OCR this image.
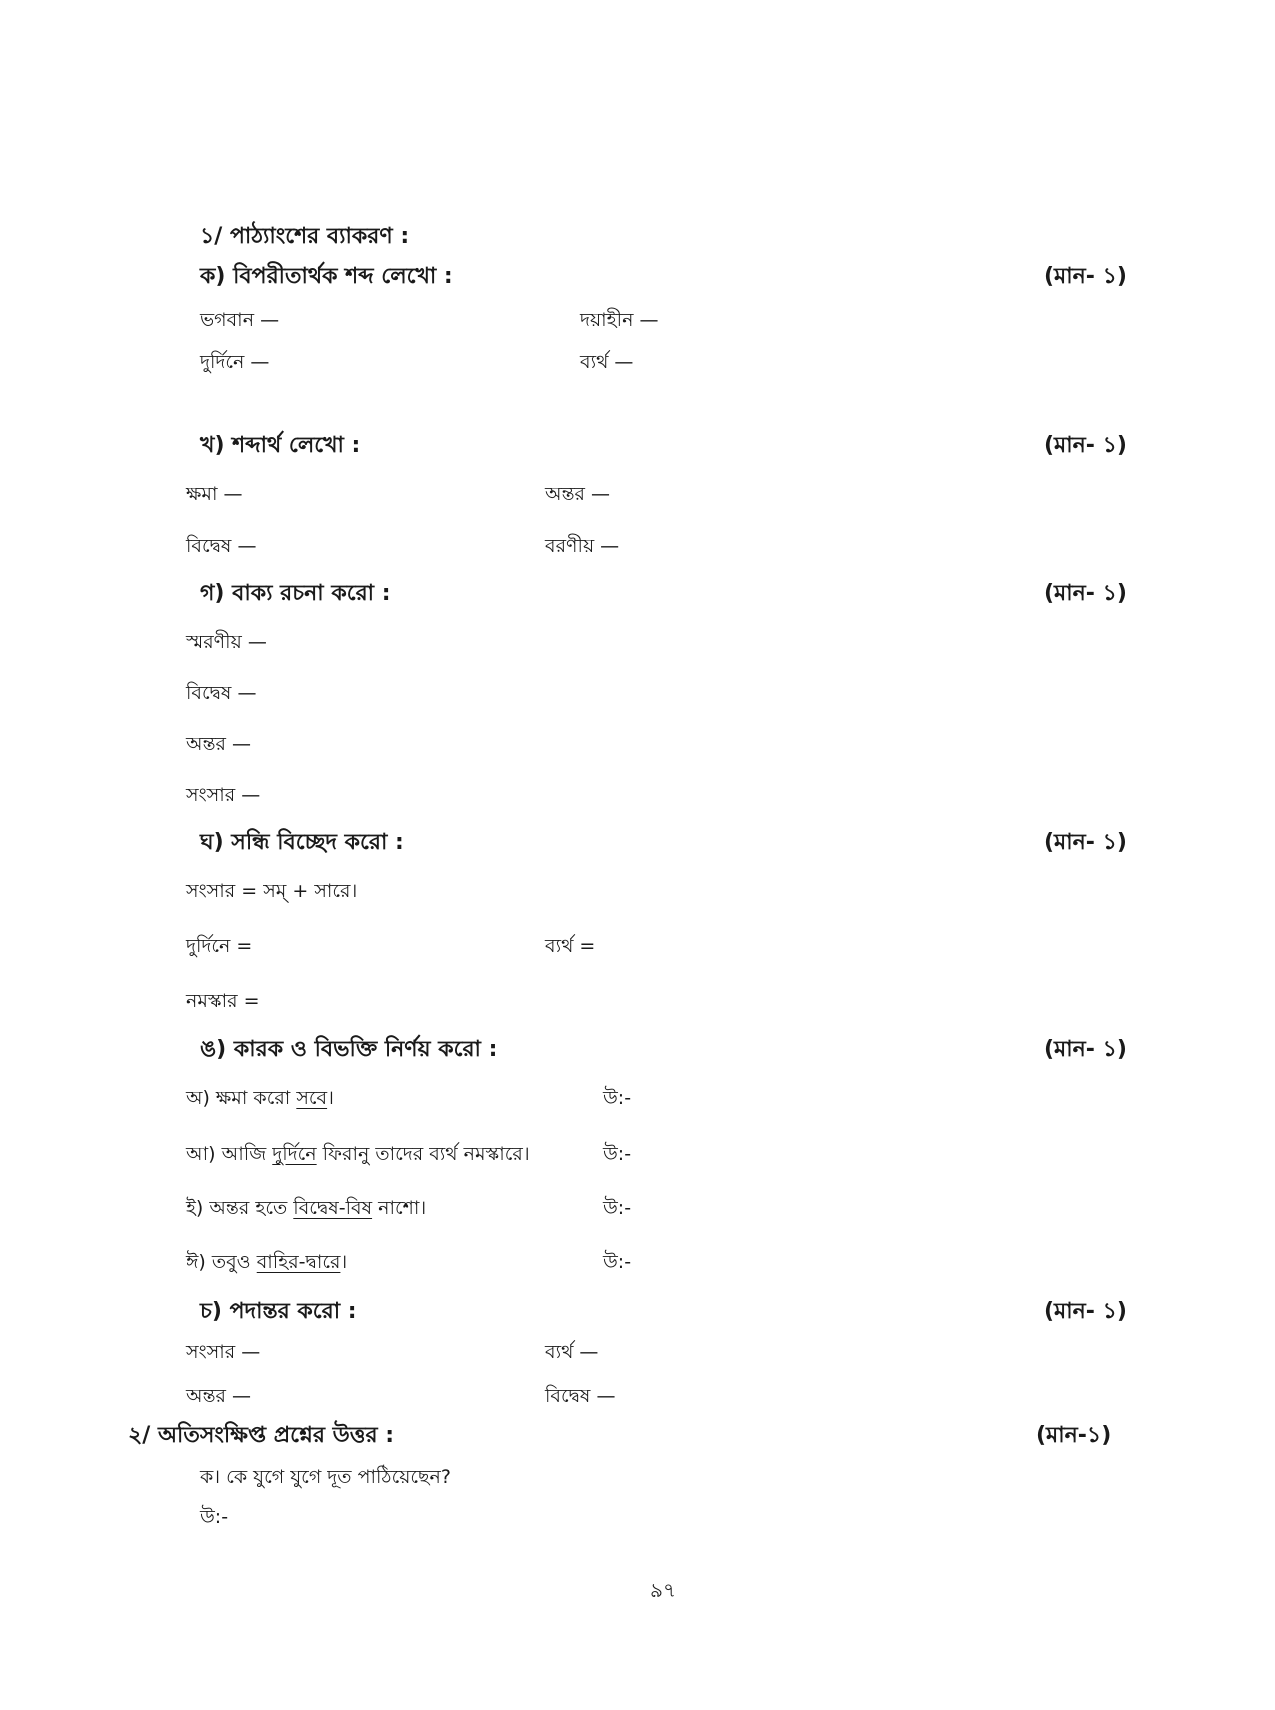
১/ পাঠ্যাংশের ব্যাকরণ :
ক) বিপরীতার্থক শব্দ লেখো :	(মান- ১)
ভগবান —	দয়াহীন —
দুর্দিনে —	ব্যর্থ —
খ) শব্দার্থ লেখো :	(মান- ১)
ক্ষমা —	অন্তর —
বিদ্বেষ —	বরণীয় —
গ) বাক্য রচনা করো :	(মান- ১)
স্মরণীয় —
বিদ্বেষ —
অন্তর —
সংসার —
ঘ) সন্ধি বিচ্ছেদ করো :	(মান- ১)
সংসার = সম্ + সারে।
দুর্দিনে =	ব্যর্থ =
নমস্কার =
ঙ) কারক ও বিভক্তি নির্ণয় করো :	(মান- ১)
অ) ক্ষমা করো সবে।	উ:-
আ) আজি দুর্দিনে ফিরানু তাদের ব্যর্থ নমস্কারে।	উ:-
ই) অন্তর হতে বিদ্বেষ-বিষ নাশো।	উ:-
ঈ) তবুও বাহির-দ্বারে।	উ:-
চ) পদান্তর করো :	(মান- ১)
সংসার —	ব্যর্থ —
অন্তর —	বিদ্বেষ —
২/ অতিসংক্ষিপ্ত প্রশ্নের উত্তর :	(মান-১)
ক। কে যুগে যুগে দূত পাঠিয়েছেন?
উ:-
৯৭
